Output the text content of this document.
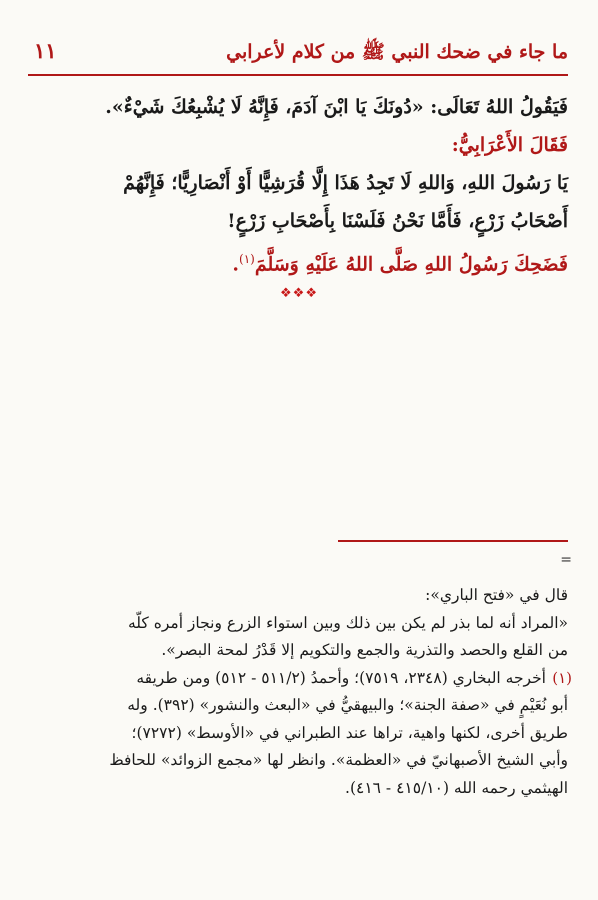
ما جاء في ضحك النبي ﷺ من كلام لأعرابي
١١
فَيَقُولُ اللهُ تَعَالَى: «دُونَكَ يَا ابْنَ آدَمَ، فَإِنَّهُ لَا يُشْبِعُكَ شَيْءٌ».
فَقَالَ الأَعْرَابِيُّ:
يَا رَسُولَ اللهِ، وَاللهِ لَا تَجِدُ هَذَا إِلَّا قُرَشِيًّا أَوْ أَنْصَارِيًّا؛ فَإِنَّهُمْ
أَصْحَابُ زَرْعٍ، فَأَمَّا نَحْنُ فَلَسْنَا بِأَصْحَابِ زَرْعٍ!
فَضَحِكَ رَسُولُ اللهِ صَلَّى اللهُ عَلَيْهِ وَسَلَّمَ$^{(١)}$.
❖❖❖
=
قال في «فتح الباري»:
«المراد أنه لما بذر لم يكن بين ذلك وبين استواء الزرع ونجاز أمره كلّه
من القلع والحصد والتذرية والجمع والتكويم إلا قَدْرُ لمحة البصر».
(١)
أخرجه البخاري (٢٣٤٨، ٧٥١٩)؛ وأحمدُ (٥١١/٢ - ٥١٢) ومن طريقه
أبو نُعَيْمٍ في «صفة الجنة»؛ والبيهقيُّ في «البعث والنشور» (٣٩٢). وله
طريق أخرى، لكنها واهية، تراها عند الطبراني في «الأوسط» (٧٢٧٢)؛
وأبي الشيخ الأصبهانيّ في «العظمة». وانظر لها «مجمع الزوائد» للحافظ
الهيثمي رحمه الله (٤١٥/١٠ - ٤١٦).
